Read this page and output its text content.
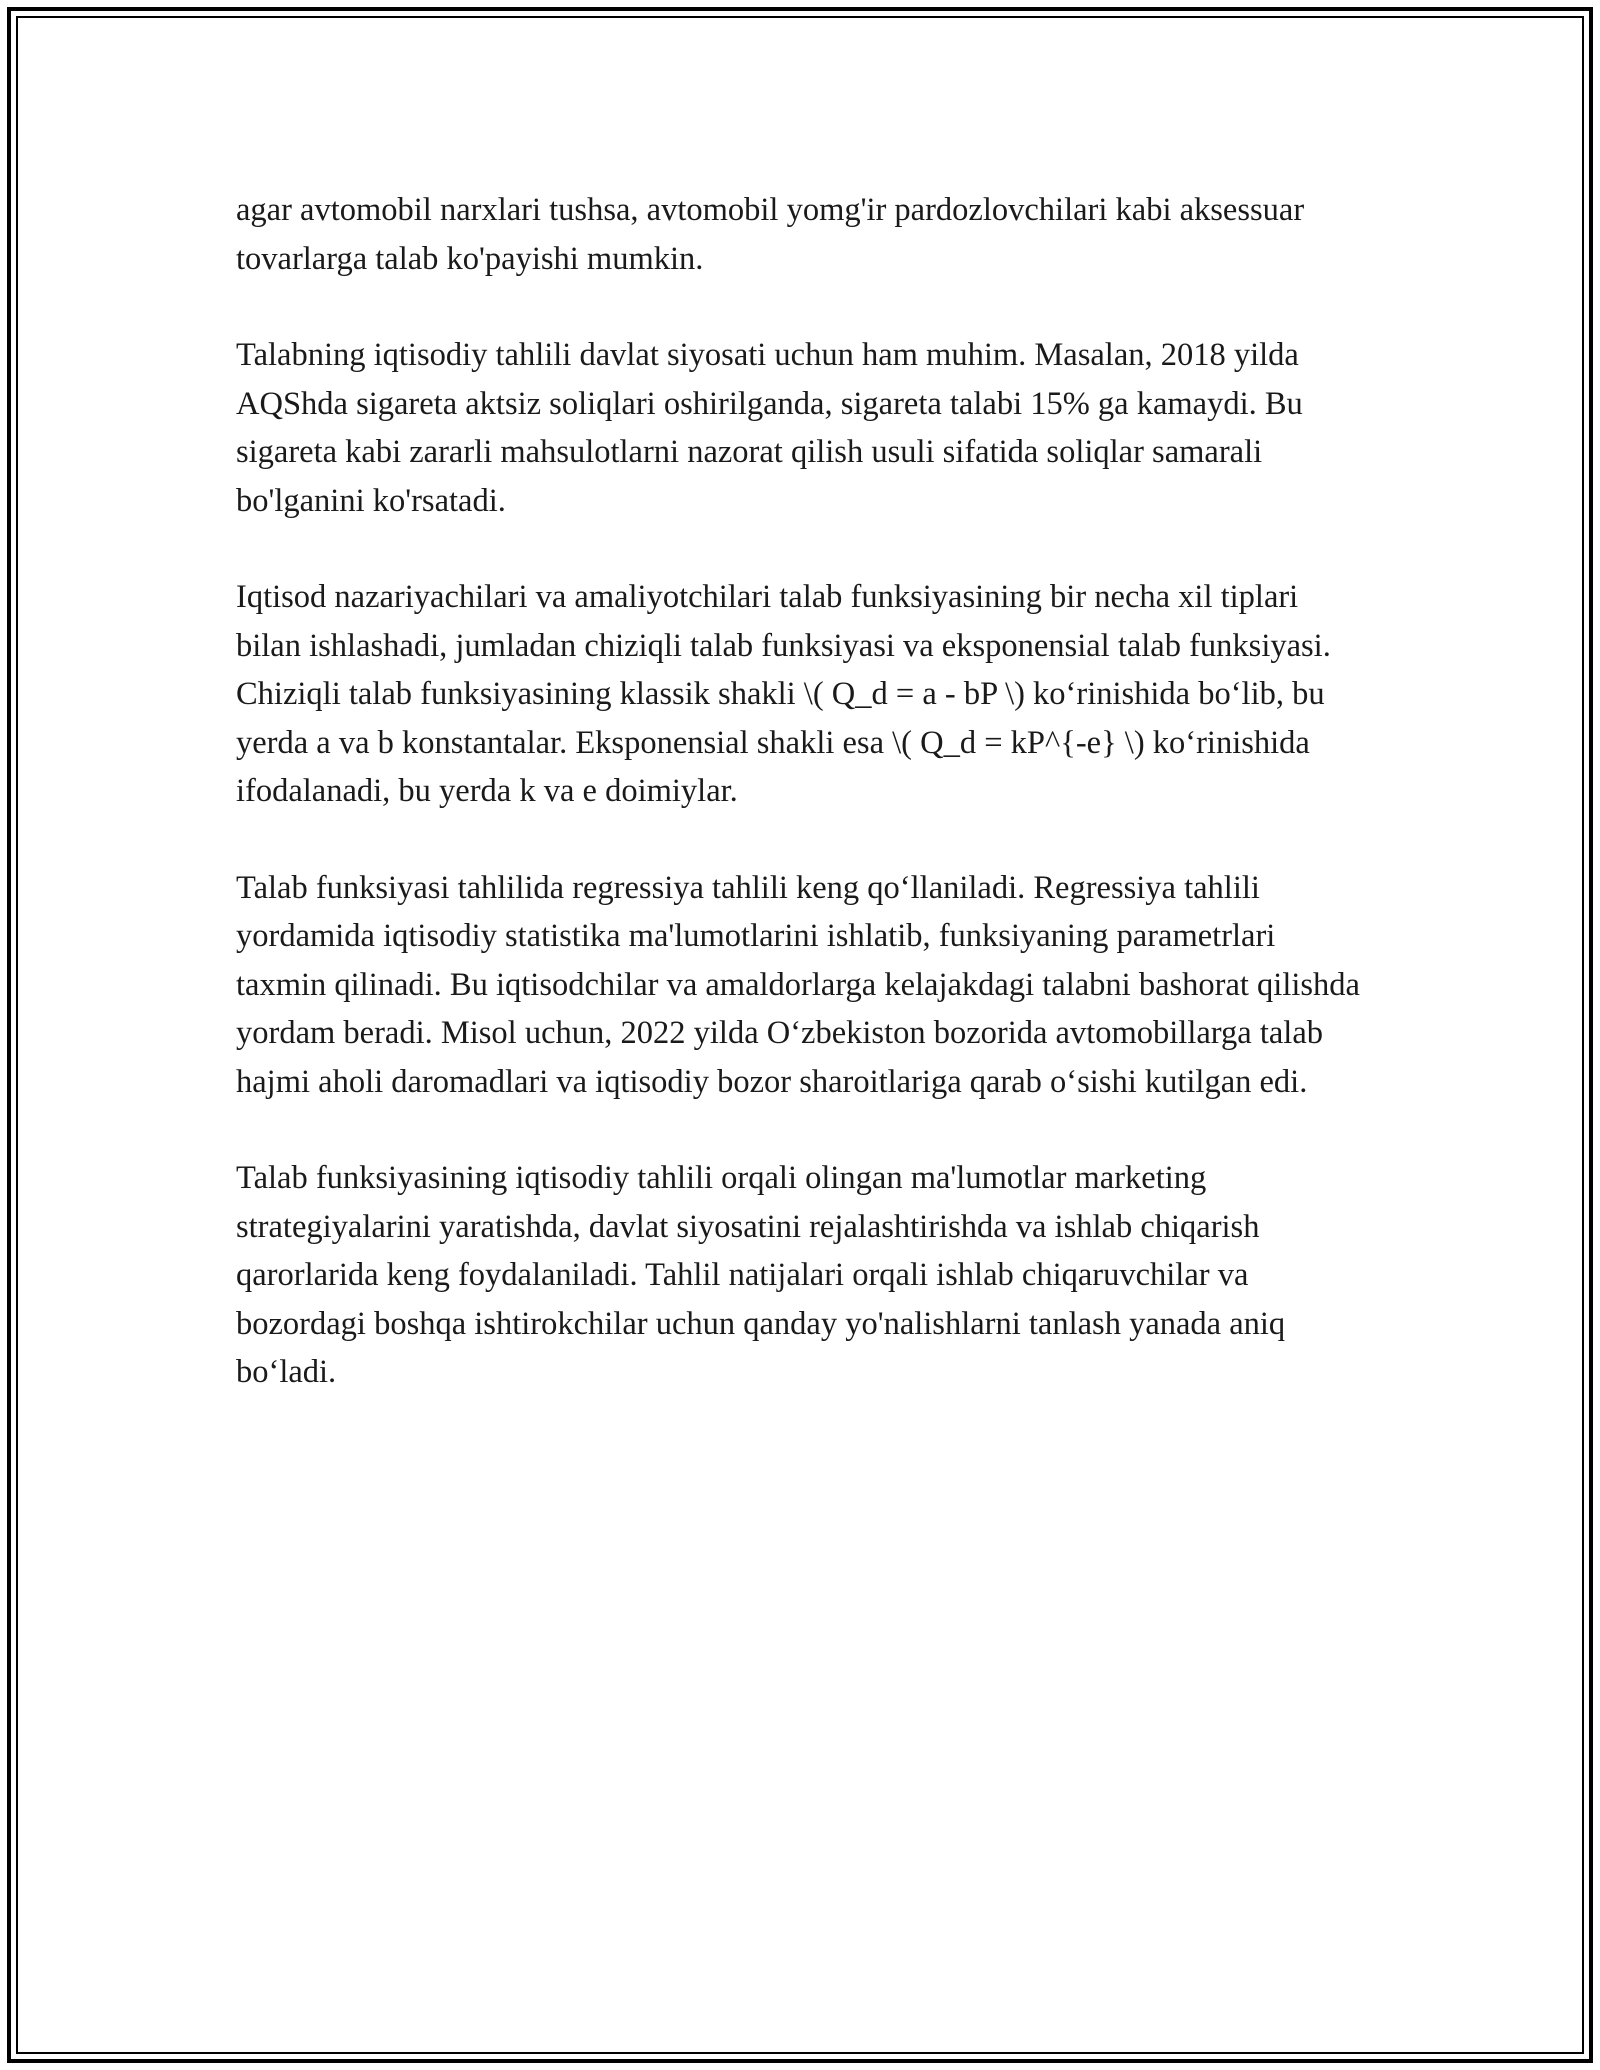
agar avtomobil narxlari tushsa, avtomobil yomg'ir pardozlovchilari kabi aksessuar tovarlarga talab ko'payishi mumkin.

Talabning iqtisodiy tahlili davlat siyosati uchun ham muhim. Masalan, 2018 yilda AQShda sigareta aktsiz soliqlari oshirilganda, sigareta talabi 15% ga kamaydi. Bu sigareta kabi zararli mahsulotlarni nazorat qilish usuli sifatida soliqlar samarali bo'lganini ko'rsatadi.

Iqtisod nazariyachilari va amaliyotchilari talab funksiyasining bir necha xil tiplari bilan ishlashadi, jumladan chiziqli talab funksiyasi va eksponensial talab funksiyasi. Chiziqli talab funksiyasining klassik shakli \( Q_d = a - bP \) ko‘rinishida bo‘lib, bu yerda a va b konstantalar. Eksponensial shakli esa \( Q_d = kP^{-e} \) ko‘rinishida ifodalanadi, bu yerda k va e doimiylar.

Talab funksiyasi tahlilida regressiya tahlili keng qo‘llaniladi. Regressiya tahlili yordamida iqtisodiy statistika ma'lumotlarini ishlatib, funksiyaning parametrlari taxmin qilinadi. Bu iqtisodchilar va amaldorlarga kelajakdagi talabni bashorat qilishda yordam beradi. Misol uchun, 2022 yilda O‘zbekiston bozorida avtomobillarga talab hajmi aholi daromadlari va iqtisodiy bozor sharoitlariga qarab o‘sishi kutilgan edi.

Talab funksiyasining iqtisodiy tahlili orqali olingan ma'lumotlar marketing strategiyalarini yaratishda, davlat siyosatini rejalashtirishda va ishlab chiqarish qarorlarida keng foydalaniladi. Tahlil natijalari orqali ishlab chiqaruvchilar va bozordagi boshqa ishtirokchilar uchun qanday yo'nalishlarni tanlash yanada aniq bo‘ladi.
